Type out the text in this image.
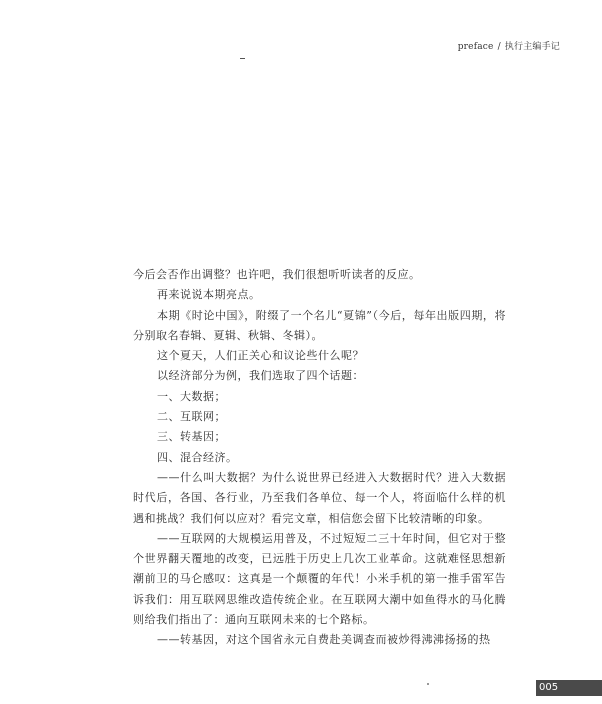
preface / 执行主编手记

今后会否作出调整？也许吧，我们很想听听读者的反应。

再来说说本期亮点。

本期《时论中国》，附缀了一个名儿“夏锦”（今后，每年出版四期，将分别取名春辑、夏辑、秋辑、冬辑）。

这个夏天，人们正关心和议论些什么呢？

以经济部分为例，我们选取了四个话题：

一、大数据；

二、互联网；

三、转基因；

四、混合经济。

——什么叫大数据？为什么说世界已经进入大数据时代？进入大数据时代后，各国、各行业，乃至我们各单位、每一个人，将面临什么样的机遇和挑战？我们何以应对？看完文章，相信您会留下比较清晰的印象。

——互联网的大规模运用普及，不过短短二三十年时间，但它对于整个世界翻天覆地的改变，已远胜于历史上几次工业革命。这就难怪思想新潮前卫的马仑感叹：这真是一个颠覆的年代！小米手机的第一推手雷军告诉我们：用互联网思维改造传统企业。在互联网大潮中如鱼得水的马化腾则给我们指出了：通向互联网未来的七个路标。

——转基因，对这个国省永元自费赴美调查而被炒得沸沸扬扬的热

005
